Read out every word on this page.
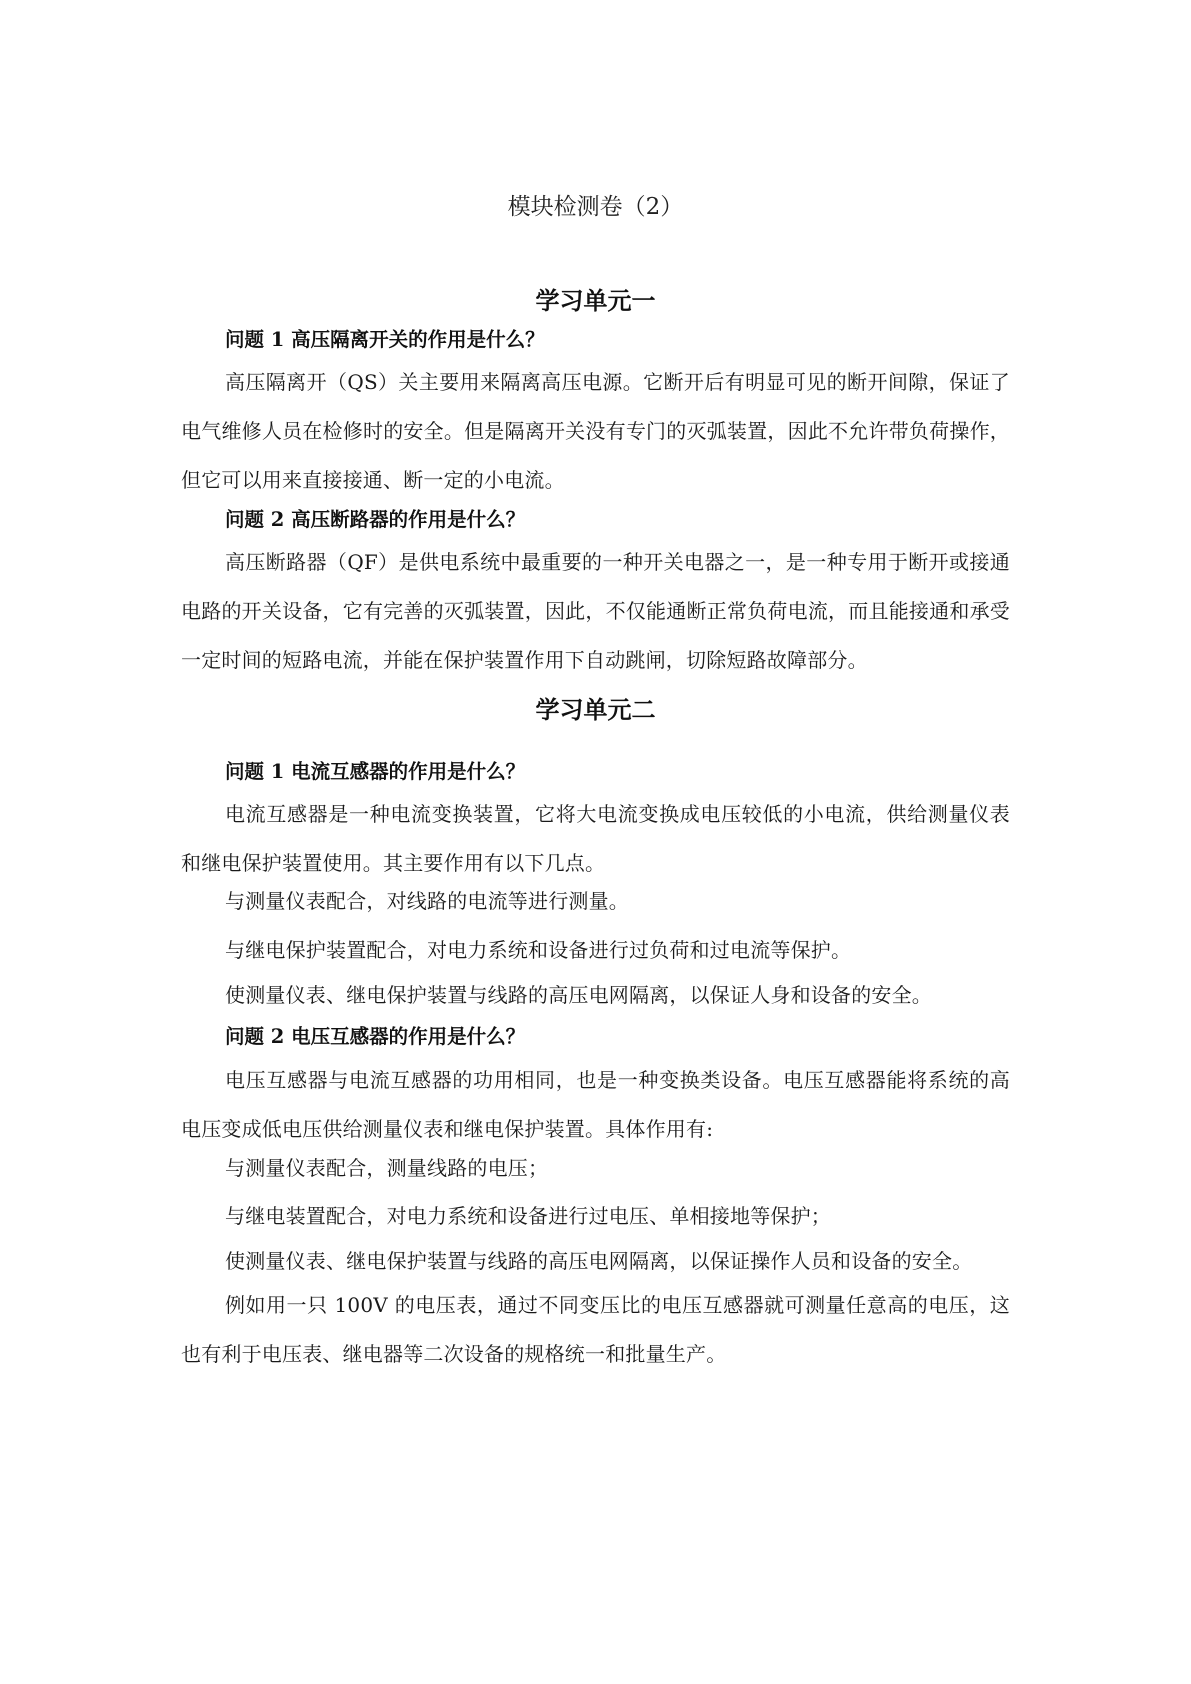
模块检测卷（2）
学习单元一
问题 1 高压隔离开关的作用是什么？
高压隔离开（QS）关主要用来隔离高压电源。它断开后有明显可见的断开间隙，保证了电气维修人员在检修时的安全。但是隔离开关没有专门的灭弧装置，因此不允许带负荷操作，但它可以用来直接接通、断一定的小电流。
问题 2 高压断路器的作用是什么？
高压断路器（QF）是供电系统中最重要的一种开关电器之一，是一种专用于断开或接通电路的开关设备，它有完善的灭弧装置，因此，不仅能通断正常负荷电流，而且能接通和承受一定时间的短路电流，并能在保护装置作用下自动跳闸，切除短路故障部分。
学习单元二
问题 1 电流互感器的作用是什么？
电流互感器是一种电流变换装置，它将大电流变换成电压较低的小电流，供给测量仪表和继电保护装置使用。其主要作用有以下几点。
与测量仪表配合，对线路的电流等进行测量。
与继电保护装置配合，对电力系统和设备进行过负荷和过电流等保护。
使测量仪表、继电保护装置与线路的高压电网隔离，以保证人身和设备的安全。
问题 2 电压互感器的作用是什么？
电压互感器与电流互感器的功用相同，也是一种变换类设备。电压互感器能将系统的高电压变成低电压供给测量仪表和继电保护装置。具体作用有:
与测量仪表配合，测量线路的电压；
与继电装置配合，对电力系统和设备进行过电压、单相接地等保护；
使测量仪表、继电保护装置与线路的高压电网隔离，以保证操作人员和设备的安全。
例如用一只 100V 的电压表，通过不同变压比的电压互感器就可测量任意高的电压，这也有利于电压表、继电器等二次设备的规格统一和批量生产。
